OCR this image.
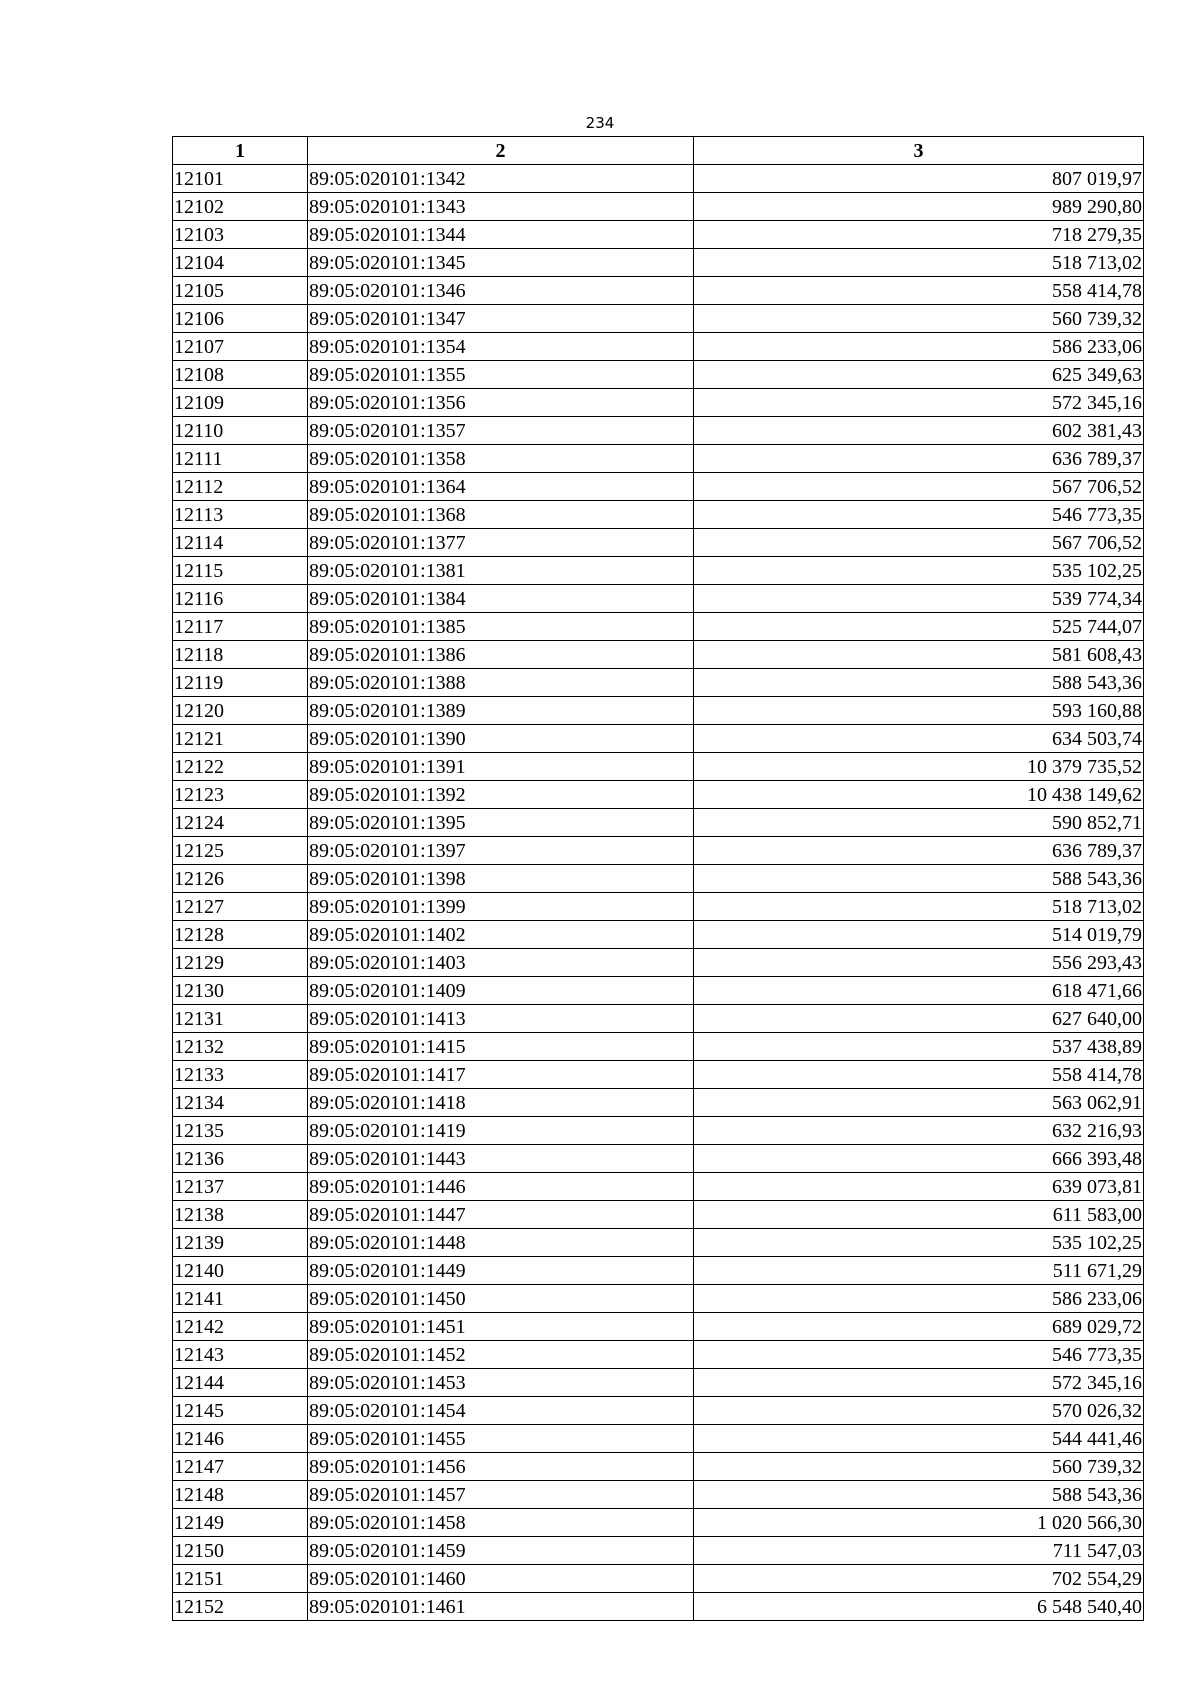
234
1	2	3
12101	89:05:020101:1342	807 019,97
12102	89:05:020101:1343	989 290,80
12103	89:05:020101:1344	718 279,35
12104	89:05:020101:1345	518 713,02
12105	89:05:020101:1346	558 414,78
12106	89:05:020101:1347	560 739,32
12107	89:05:020101:1354	586 233,06
12108	89:05:020101:1355	625 349,63
12109	89:05:020101:1356	572 345,16
12110	89:05:020101:1357	602 381,43
12111	89:05:020101:1358	636 789,37
12112	89:05:020101:1364	567 706,52
12113	89:05:020101:1368	546 773,35
12114	89:05:020101:1377	567 706,52
12115	89:05:020101:1381	535 102,25
12116	89:05:020101:1384	539 774,34
12117	89:05:020101:1385	525 744,07
12118	89:05:020101:1386	581 608,43
12119	89:05:020101:1388	588 543,36
12120	89:05:020101:1389	593 160,88
12121	89:05:020101:1390	634 503,74
12122	89:05:020101:1391	10 379 735,52
12123	89:05:020101:1392	10 438 149,62
12124	89:05:020101:1395	590 852,71
12125	89:05:020101:1397	636 789,37
12126	89:05:020101:1398	588 543,36
12127	89:05:020101:1399	518 713,02
12128	89:05:020101:1402	514 019,79
12129	89:05:020101:1403	556 293,43
12130	89:05:020101:1409	618 471,66
12131	89:05:020101:1413	627 640,00
12132	89:05:020101:1415	537 438,89
12133	89:05:020101:1417	558 414,78
12134	89:05:020101:1418	563 062,91
12135	89:05:020101:1419	632 216,93
12136	89:05:020101:1443	666 393,48
12137	89:05:020101:1446	639 073,81
12138	89:05:020101:1447	611 583,00
12139	89:05:020101:1448	535 102,25
12140	89:05:020101:1449	511 671,29
12141	89:05:020101:1450	586 233,06
12142	89:05:020101:1451	689 029,72
12143	89:05:020101:1452	546 773,35
12144	89:05:020101:1453	572 345,16
12145	89:05:020101:1454	570 026,32
12146	89:05:020101:1455	544 441,46
12147	89:05:020101:1456	560 739,32
12148	89:05:020101:1457	588 543,36
12149	89:05:020101:1458	1 020 566,30
12150	89:05:020101:1459	711 547,03
12151	89:05:020101:1460	702 554,29
12152	89:05:020101:1461	6 548 540,40
